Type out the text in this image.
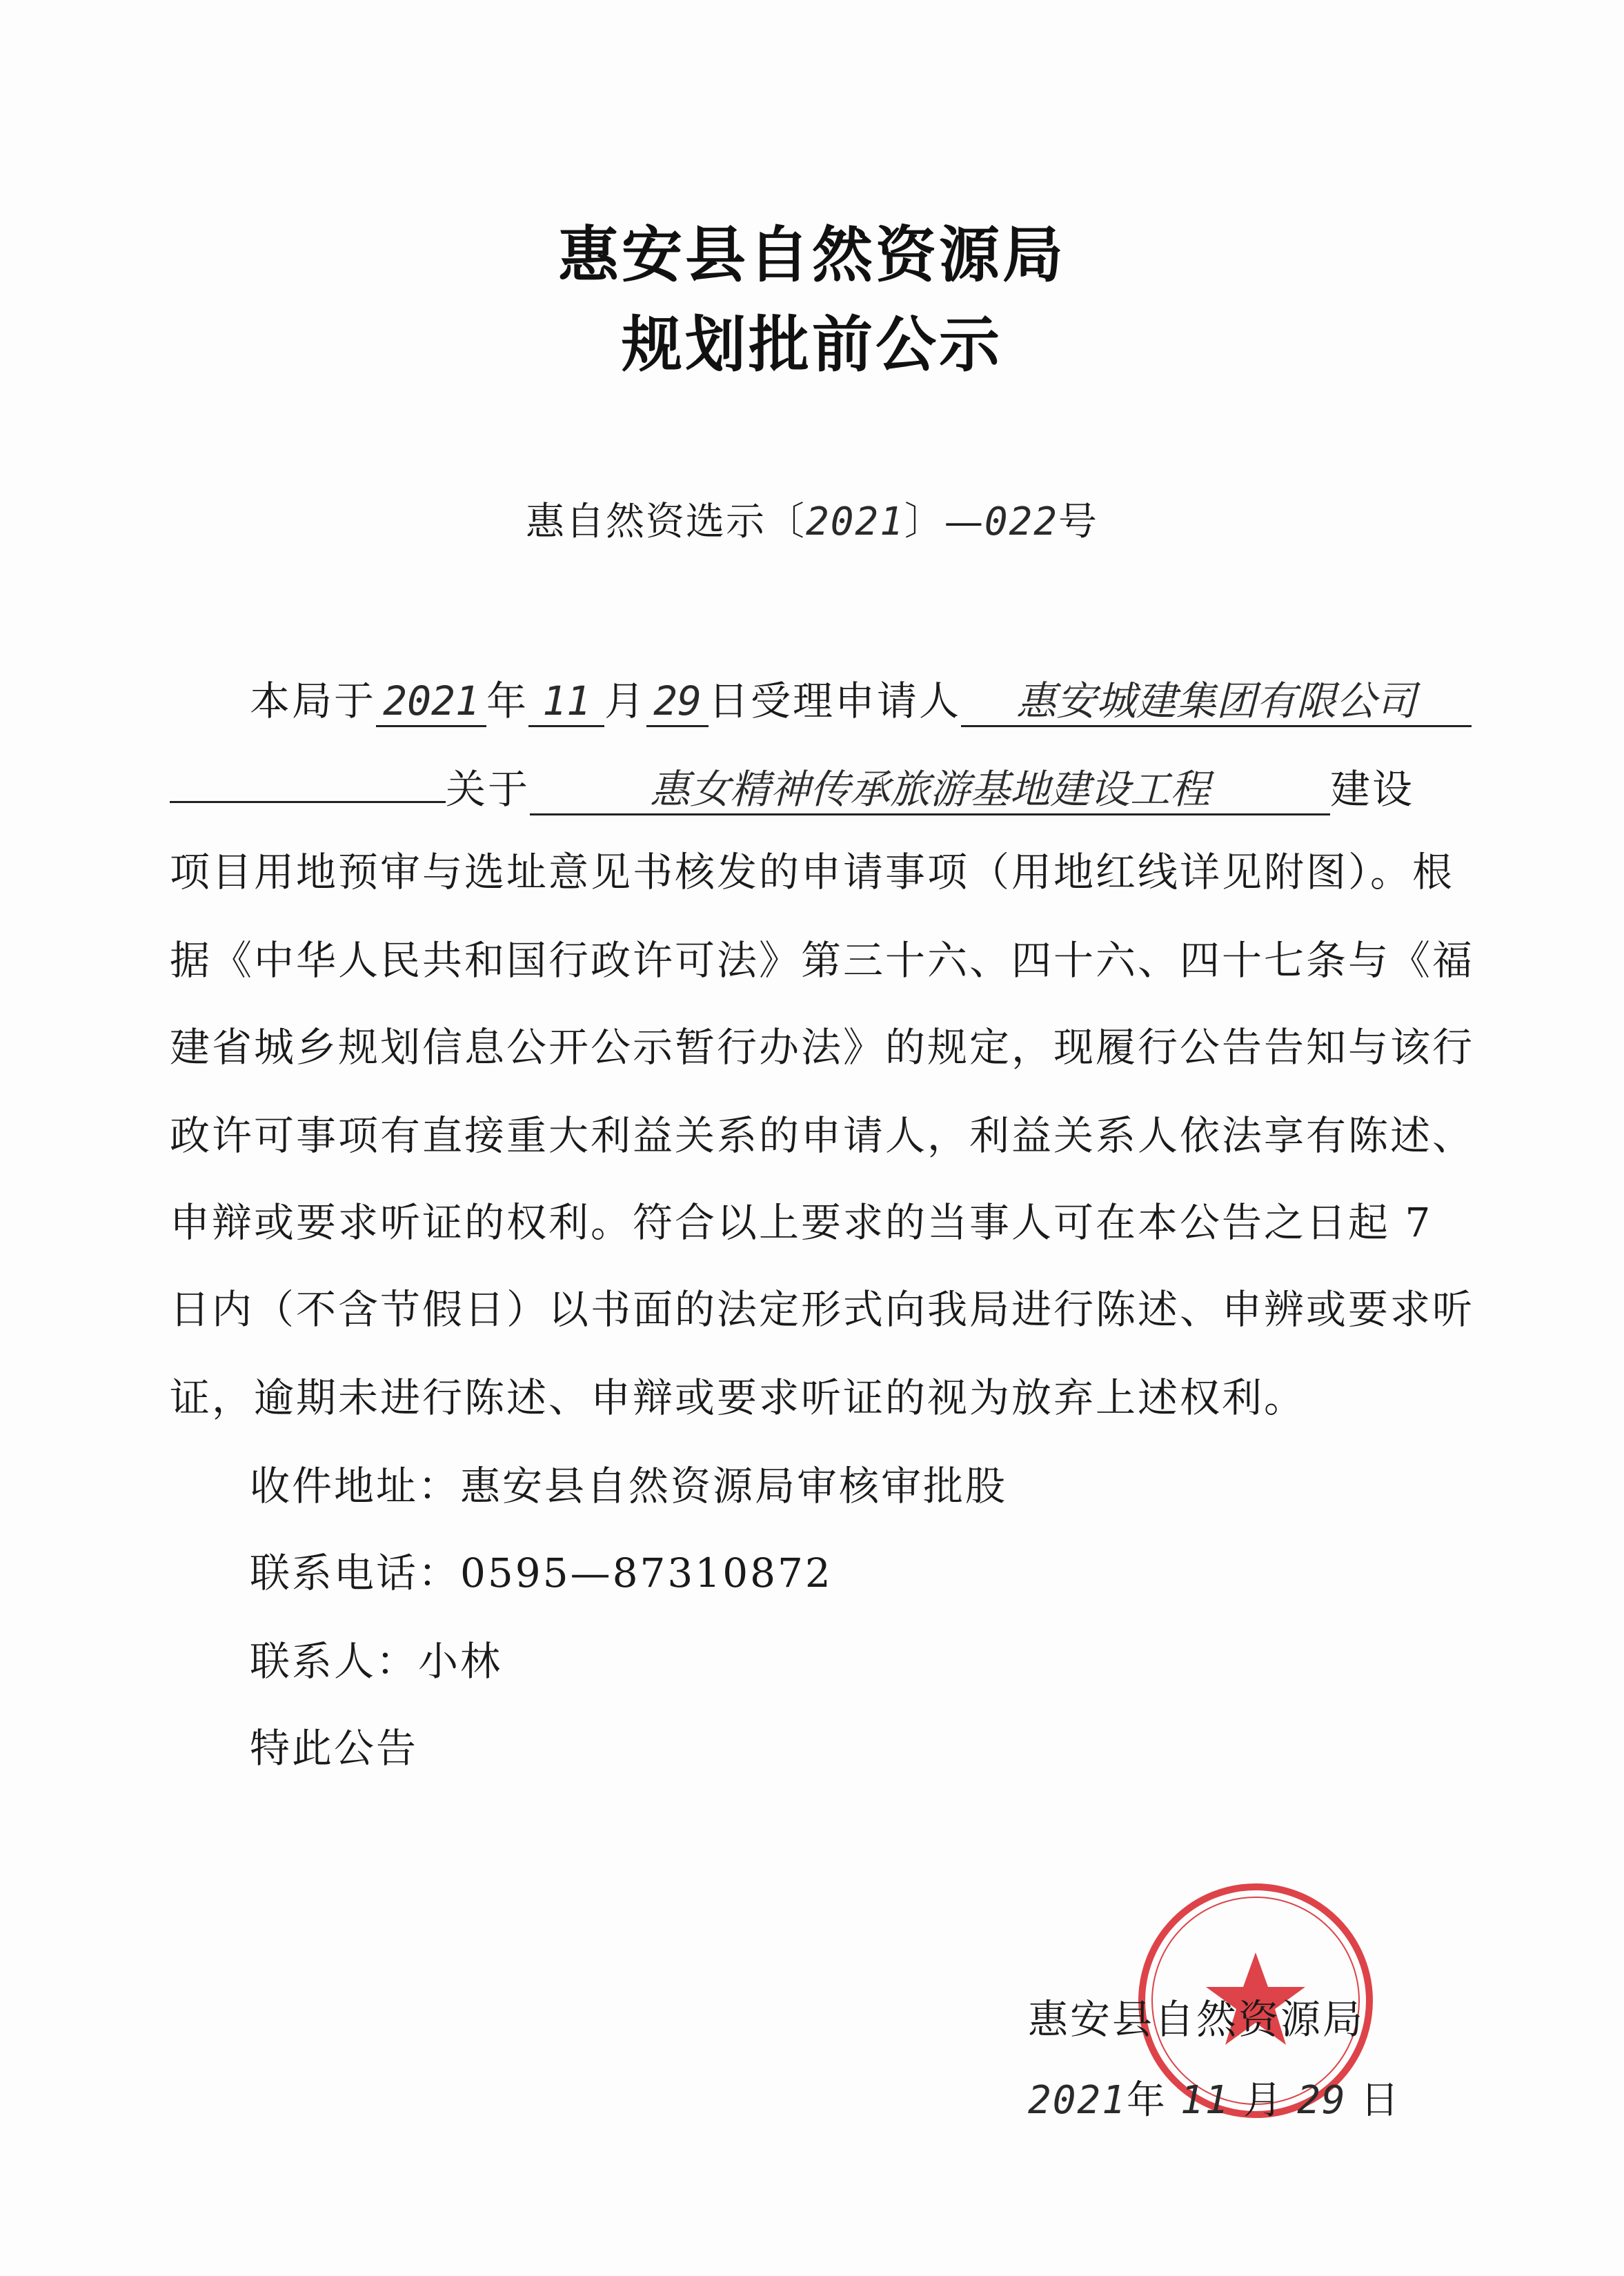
惠安县自然资源局
规划批前公示
惠自然资选示〔2021〕—022号
本局于 2021 年 11 月 29 日受理申请人 惠安城建集团有限公司
关于	惠女精神传承旅游基地建设工程	建设
项目用地预审与选址意见书核发的申请事项（用地红线详见附图）。根
据《中华人民共和国行政许可法》第三十六、四十六、四十七条与《福
建省城乡规划信息公开公示暂行办法》的规定，现履行公告告知与该行
政许可事项有直接重大利益关系的申请人，利益关系人依法享有陈述、
申辩或要求听证的权利。符合以上要求的当事人可在本公告之日起 7
日内（不含节假日）以书面的法定形式向我局进行陈述、申辨或要求听
证，逾期未进行陈述、申辩或要求听证的视为放弃上述权利。
收件地址：惠安县自然资源局审核审批股
联系电话：0595—87310872
联系人：小林
特此公告
惠安县自然资源局
2021年 11 月 29 日
